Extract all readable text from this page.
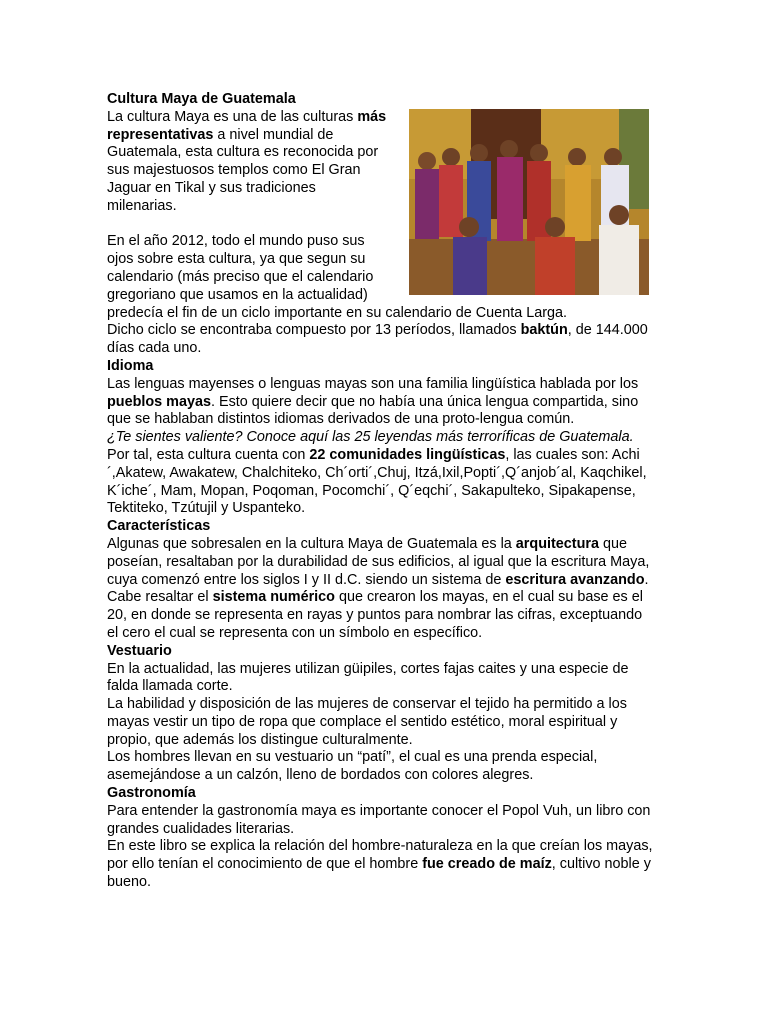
Cultura Maya de Guatemala

La cultura Maya es una de las culturas más representativas a nivel mundial de Guatemala, esta cultura es reconocida por sus majestuosos templos como El Gran Jaguar en Tikal y sus tradiciones milenarias.

En el año 2012, todo el mundo puso sus ojos sobre esta cultura, ya que segun su calendario (más preciso que el calendario gregoriano que usamos en la actualidad) predecía el fin de un ciclo importante en su calendario de Cuenta Larga.

Dicho ciclo se encontraba compuesto por 13 períodos, llamados baktún, de 144.000 días cada uno.

Idioma

Las lenguas mayenses o lenguas mayas son una familia lingüística hablada por los pueblos mayas. Esto quiere decir que no había una única lengua compartida, sino que se hablaban distintos idiomas derivados de una proto-lengua común.

¿Te sientes valiente? Conoce aquí las 25 leyendas más terroríficas de Guatemala.

Por tal, esta cultura cuenta con 22 comunidades lingüísticas, las cuales son: Achi´,Akatew, Awakatew, Chalchiteko, Ch´orti´,Chuj, Itzá,Ixil,Popti´,Q´anjob´al, Kaqchikel, K´iche´, Mam, Mopan, Poqoman, Pocomchi´, Q´eqchi´, Sakapulteko, Sipakapense, Tektiteko, Tzútujil y Uspanteko.

Características

Algunas que sobresalen en la cultura Maya de Guatemala es la arquitectura que poseían, resaltaban por la durabilidad de sus edificios, al igual que la escritura Maya, cuya comenzó entre los siglos I y II d.C. siendo un sistema de escritura avanzando.

Cabe resaltar el sistema numérico que crearon los mayas, en el cual su base es el 20, en donde se representa en rayas y puntos para nombrar las cifras, exceptuando el cero el cual se representa con un símbolo en específico.

Vestuario

En la actualidad, las mujeres utilizan güipiles, cortes fajas caites y una especie de falda llamada corte.

La habilidad y disposición de las mujeres de conservar el tejido ha permitido a los mayas vestir un tipo de ropa que complace el sentido estético, moral espiritual y propio, que además los distingue culturalmente.

Los hombres llevan en su vestuario un “patí”, el cual es una prenda especial, asemejándose a un calzón, lleno de bordados con colores alegres.

Gastronomía

Para entender la gastronomía maya es importante conocer el Popol Vuh, un libro con grandes cualidades literarias.

En este libro se explica la relación del hombre-naturaleza en la que creían los mayas, por ello tenían el conocimiento de que el hombre fue creado de maíz, cultivo noble y bueno.
